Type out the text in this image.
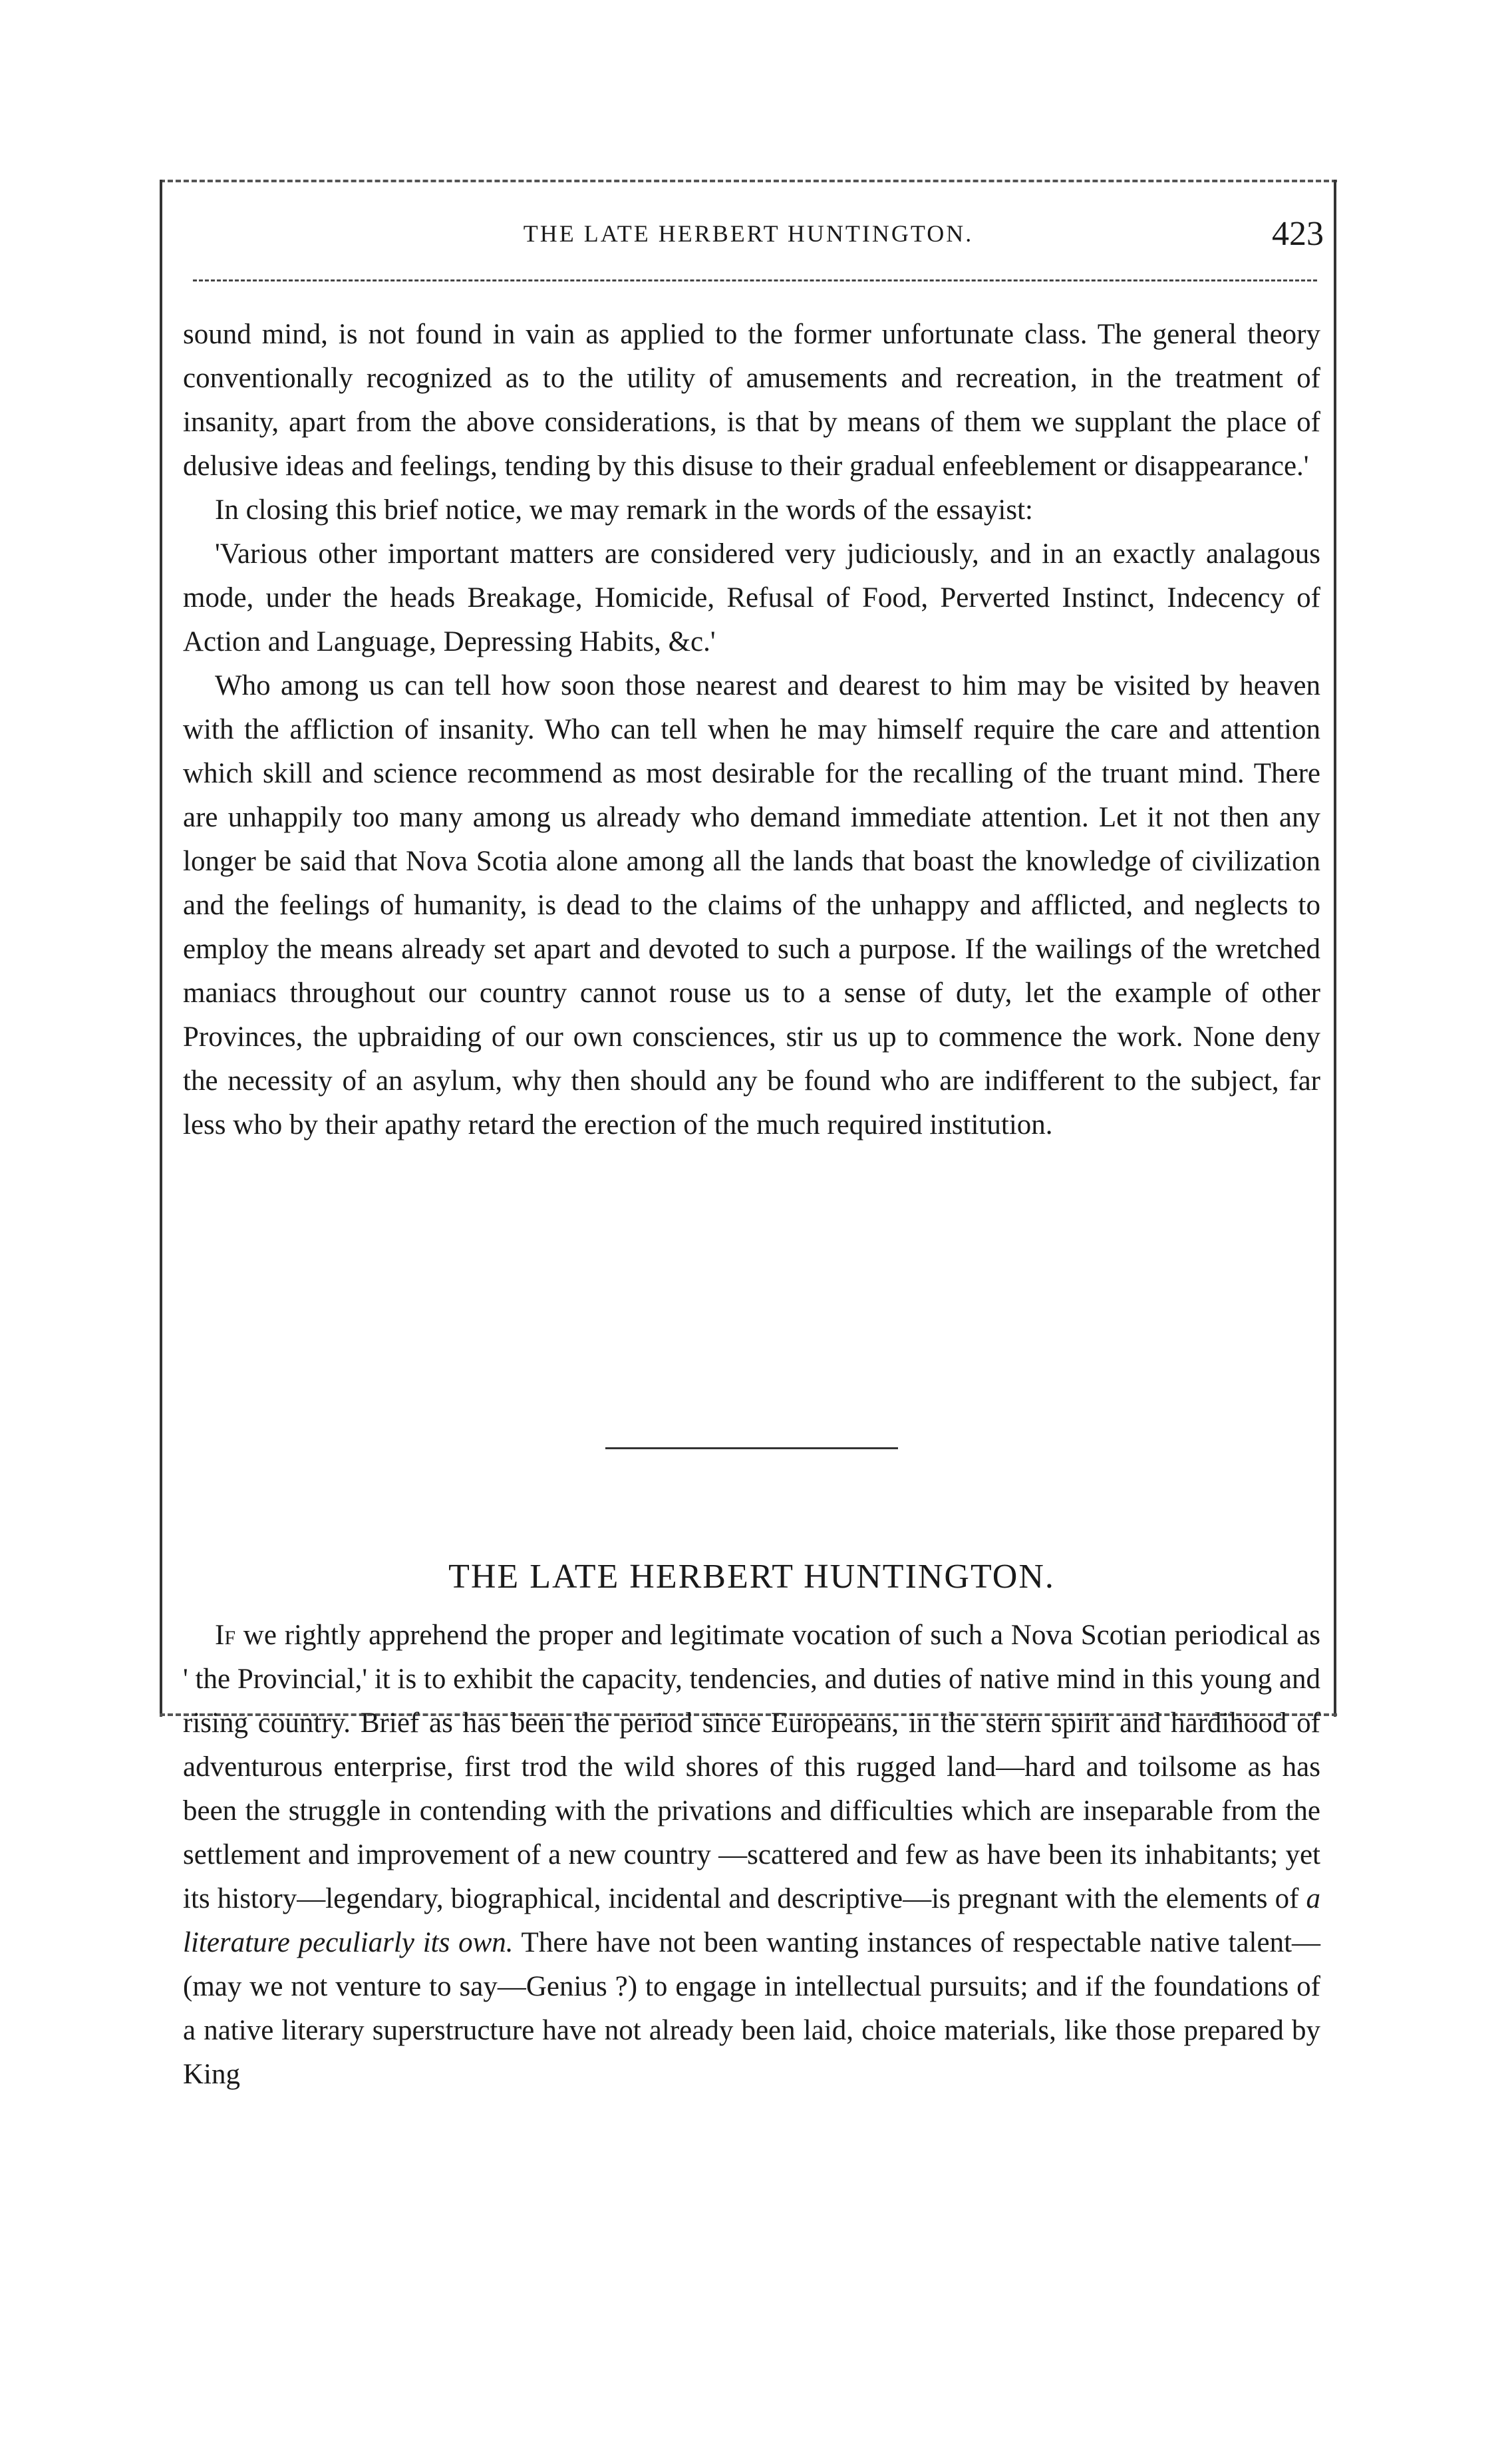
THE LATE HERBERT HUNTINGTON.	423

sound mind, is not found in vain as applied to the former unfortunate class. The general theory conventionally recognized as to the utility of amusements and recreation, in the treatment of insanity, apart from the above considerations, is that by means of them we supplant the place of delusive ideas and feelings, tending by this disuse to their gradual enfeeblement or disappearance.'

In closing this brief notice, we may remark in the words of the essayist:

'Various other important matters are considered very judiciously, and in an exactly analagous mode, under the heads Breakage, Homicide, Refusal of Food, Perverted Instinct, Indecency of Action and Language, Depressing Habits, &c.'

Who among us can tell how soon those nearest and dearest to him may be visited by heaven with the affliction of insanity. Who can tell when he may himself require the care and attention which skill and science recommend as most desirable for the recalling of the truant mind. There are unhappily too many among us already who demand immediate attention. Let it not then any longer be said that Nova Scotia alone among all the lands that boast the knowledge of civilization and the feelings of humanity, is dead to the claims of the unhappy and afflicted, and neglects to employ the means already set apart and devoted to such a purpose. If the wailings of the wretched maniacs throughout our country cannot rouse us to a sense of duty, let the example of other Provinces, the upbraiding of our own consciences, stir us up to commence the work. None deny the necessity of an asylum, why then should any be found who are indifferent to the subject, far less who by their apathy retard the erection of the much required institution.

THE LATE HERBERT HUNTINGTON.

If we rightly apprehend the proper and legitimate vocation of such a Nova Scotian periodical as ' the Provincial,' it is to exhibit the capacity, tendencies, and duties of native mind in this young and rising country. Brief as has been the period since Europeans, in the stern spirit and hardihood of adventurous enterprise, first trod the wild shores of this rugged land—hard and toilsome as has been the struggle in contending with the privations and difficulties which are inseparable from the settlement and improvement of a new country —scattered and few as have been its inhabitants; yet its history—legendary, biographical, incidental and descriptive—is pregnant with the elements of a literature peculiarly its own. There have not been wanting instances of respectable native talent—(may we not venture to say—Genius ?) to engage in intellectual pursuits; and if the foundations of a native literary superstructure have not already been laid, choice materials, like those prepared by King
